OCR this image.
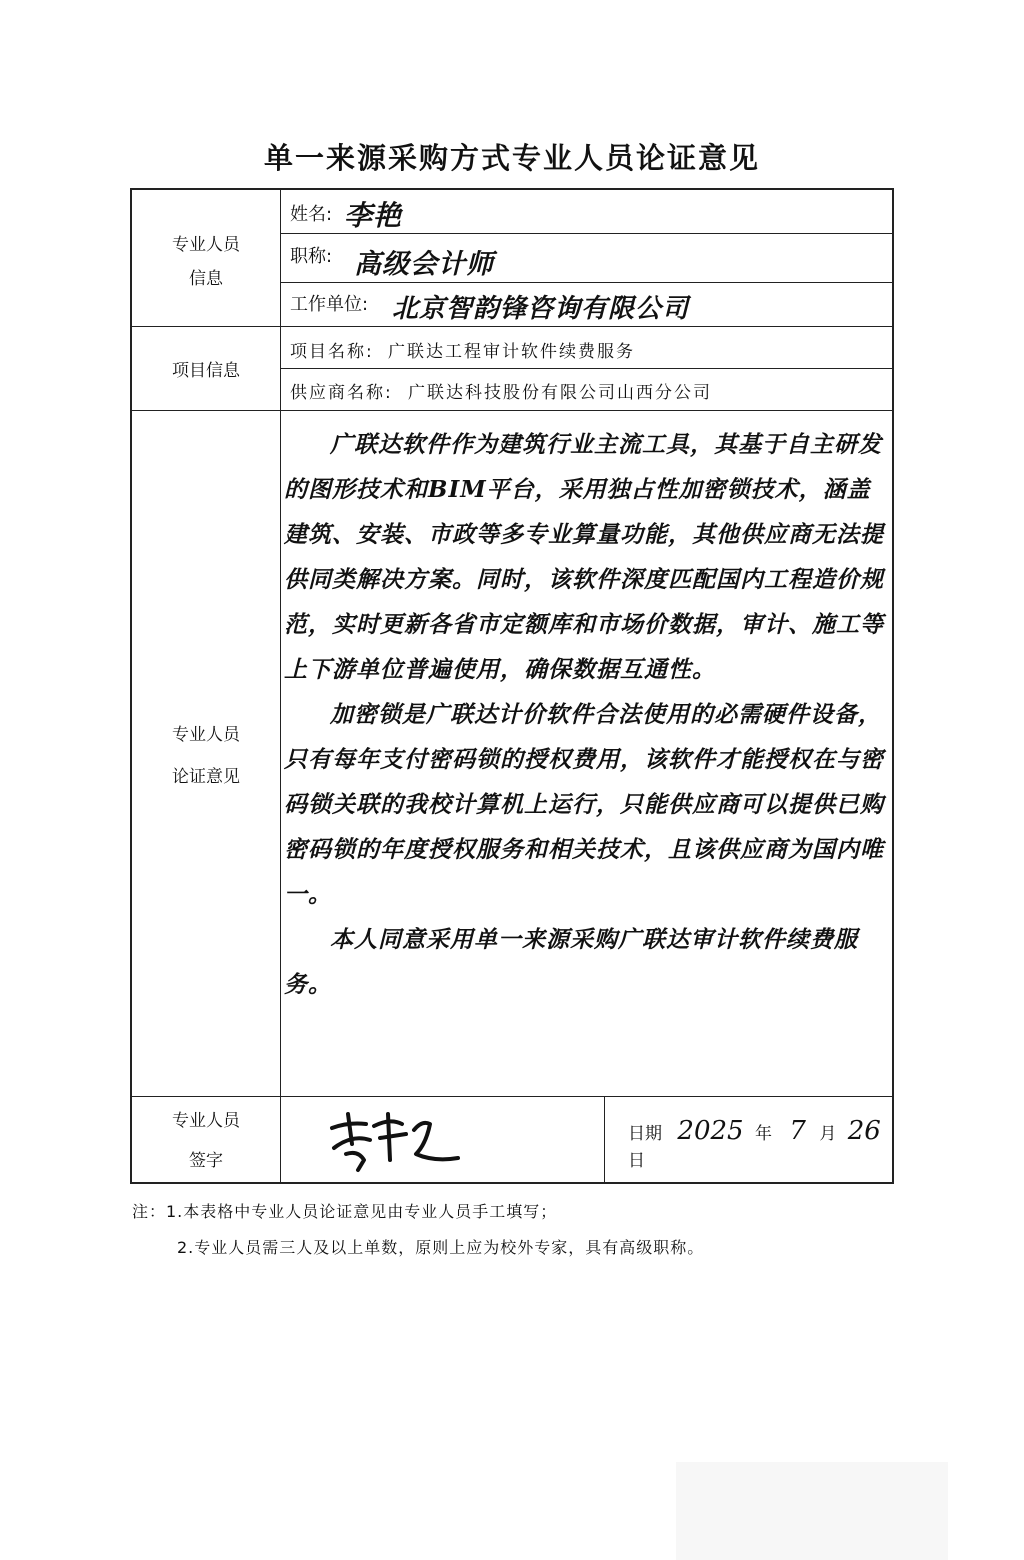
单一来源采购方式专业人员论证意见
专业人员
信息
姓名: 李艳
职称: 高级会计师
工作单位: 北京智韵锋咨询有限公司
项目信息
项目名称: 广联达工程审计软件续费服务
供应商名称: 广联达科技股份有限公司山西分公司
专业人员
论证意见

广联达软件作为建筑行业主流工具，其基于自主研发的图形技术和BIM平台，采用独占性加密锁技术，涵盖建筑、安装、市政等多专业算量功能，其他供应商无法提供同类解决方案。同时，该软件深度匹配国内工程造价规范，实时更新各省市定额库和市场价数据，审计、施工等上下游单位普遍使用，确保数据互通性。

加密锁是广联达计价软件合法使用的必需硬件设备，只有每年支付密码锁的授权费用，该软件才能授权在与密码锁关联的我校计算机上运行，只能供应商可以提供已购密码锁的年度授权服务和相关技术，且该供应商为国内唯一。

本人同意采用单一来源采购广联达审计软件续费服务。

专业人员
签字
日期 2025 年 7 月 26 日
注：1.本表格中专业人员论证意见由专业人员手工填写；
2.专业人员需三人及以上单数，原则上应为校外专家，具有高级职称。
